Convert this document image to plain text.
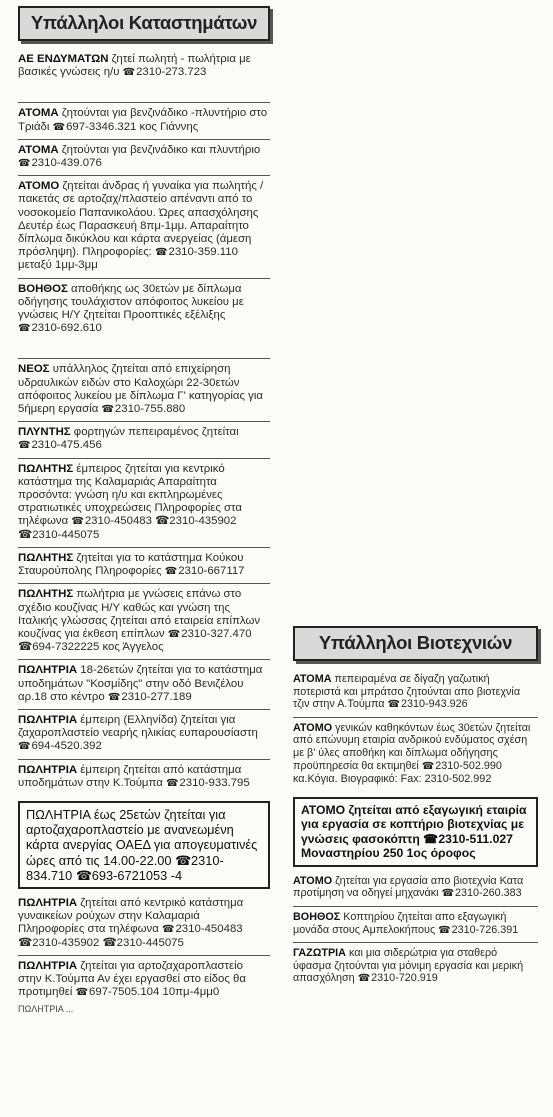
Υπάλληλοι Καταστημάτων
ΑΕ ΕΝΔΥΜΑΤΩΝ ζητεί πωλητή - πωλήτρια με βασικές γνώσεις η/υ ☎2310-273.723
ΑΤΟΜΑ ζητούνται για βενζινάδικο -πλυντήριο στο Τριάδι ☎697-3346.321 κος Γιάννης
ΑΤΟΜΑ ζητούνται για βενζινάδικο και πλυντήριο ☎2310-439.076
ΑΤΟΜΟ ζητείται άνδρας ή γυναίκα για πωλητής /πακετάς σε αρτοζαχ/πλαστείο απέναντι από το νοσοκομείο Παπανικολάου. Ώρες απασχόλησης Δευτέρ έως Παρασκευή 8πμ-1μμ. Απαραίτητο δίπλωμα δικύκλου και κάρτα ανεργείας (άμεση πρόσληψη). Πληροφορίες: ☎2310-359.110 μεταξύ 1μμ-3μμ
ΒΟΗΘΟΣ αποθήκης ως 30ετών με δίπλωμα οδήγησης τουλάχιστον απόφοιτος λυκείου με γνώσεις Η/Υ ζητείται Προοπτικές εξέλιξης ☎2310-692.610
ΝΕΟΣ υπάλληλος ζητείται από επιχείρηση υδραυλικών ειδών στο Καλοχώρι 22-30ετών απόφοιτος λυκείου με δίπλωμα Γ' κατηγορίας για 5ήμερη εργασία ☎2310-755.880
ΠΛΥΝΤΗΣ φορτηγών πεπειραμένος ζητείται ☎2310-475.456
ΠΩΛΗΤΗΣ έμπειρος ζητείται για κεντρικό κατάστημα της Καλαμαριάς Απαραίτητα προσόντα: γνώση η/υ και εκπληρωμένες στρατιωτικές υποχρεώσεις Πληροφορίες στα τηλέφωνα ☎2310-450483 ☎2310-435902 ☎2310-445075
ΠΩΛΗΤΗΣ ζητείται για το κατάστημα Κούκου Σταυρούπολης Πληροφορίες ☎2310-667117
ΠΩΛΗΤΗΣ πωλήτρια με γνώσεις επάνω στο σχέδιο κουζίνας Η/Υ καθώς και γνώση της Ιταλικής γλώσσας ζητείται από εταιρεία επίπλων κουζίνας για έκθεση επίπλων ☎2310-327.470 ☎694-7322225 κος Άγγελος
ΠΩΛΗΤΡΙΑ 18-26ετών ζητείται για το κατάστημα υποδημάτων "Κοσμίδης" στην οδό Βενιζέλου αρ.18 στο κέντρο ☎2310-277.189
ΠΩΛΗΤΡΙΑ έμπειρη (Ελληνίδα) ζητείται για ζαχαροπλαστείο νεαρής ηλικίας ευπαρουσίαστη ☎694-4520.392
ΠΩΛΗΤΡΙΑ έμπειρη ζητείται από κατάστημα υποδημάτων στην Κ.Τούμπα ☎2310-933.795
ΠΩΛΗΤΡΙΑ έως 25ετών ζητείται για αρτοζαχαροπλαστείο με ανανεωμένη κάρτα ανεργίας ΟΑΕΔ για απογευματινές ώρες από τις 14.00-22.00 ☎2310-834.710 ☎693-6721053 -4
ΠΩΛΗΤΡΙΑ ζητείται από κεντρικό κατάστημα γυναικείων ρούχων στην Καλαμαριά Πληροφορίες στα τηλέφωνα ☎2310-450483 ☎2310-435902 ☎2310-445075
ΠΩΛΗΤΡΙΑ ζητείται για αρτοζαχαροπλαστείο στην Κ.Τούμπα Αν έχει εργασθεί στο είδος θα προτιμηθεί ☎697-7505.104 10πμ-4μμ0
ΠΩΛΗΤΡΙΑ ...
Υπάλληλοι Βιοτεχνιών
ΑΤΟΜΑ πεπειραμένα σε δίγαζη γαζωτική ποτεριστά και μπράτσο ζητούνται απο βιοτεχνία τζιν στην Α.Τούμπα ☎2310-943.926
ΑΤΟΜΟ γενικών καθηκόντων έως 30ετών ζητείται από επώνυμη εταιρία ανδρικού ενδύματος σχέση με β' ύλες αποθήκη και δίπλωμα οδήγησης προϋπηρεσία θα εκτιμηθεί ☎2310-502.990 κα.Κόγια. Βιογραφικό: Fax: 2310-502.992
ΑΤΟΜΟ ζητείται από εξαγωγική εταιρία για εργασία σε κοπτήριο βιοτεχνίας με γνώσεις φασοκόπτη ☎2310-511.027 Μοναστηρίου 250 1ος όροφος
ΑΤΟΜΟ ζητείται για εργασία απο βιοτεχνία Κατα προτίμηση να οδηγεί μηχανάκι ☎2310-260.383
ΒΟΗΘΟΣ Κοπτηρίου ζητείται απο εξαγωγική μονάδα στους Αμπελοκήπους ☎2310-726.391
ΓΑΖΩΤΡΙΑ και μια σιδερώτρια για σταθερό ύφασμα ζητούνται για μόνιμη εργασία και μερική απασχόληση ☎2310-720.919
